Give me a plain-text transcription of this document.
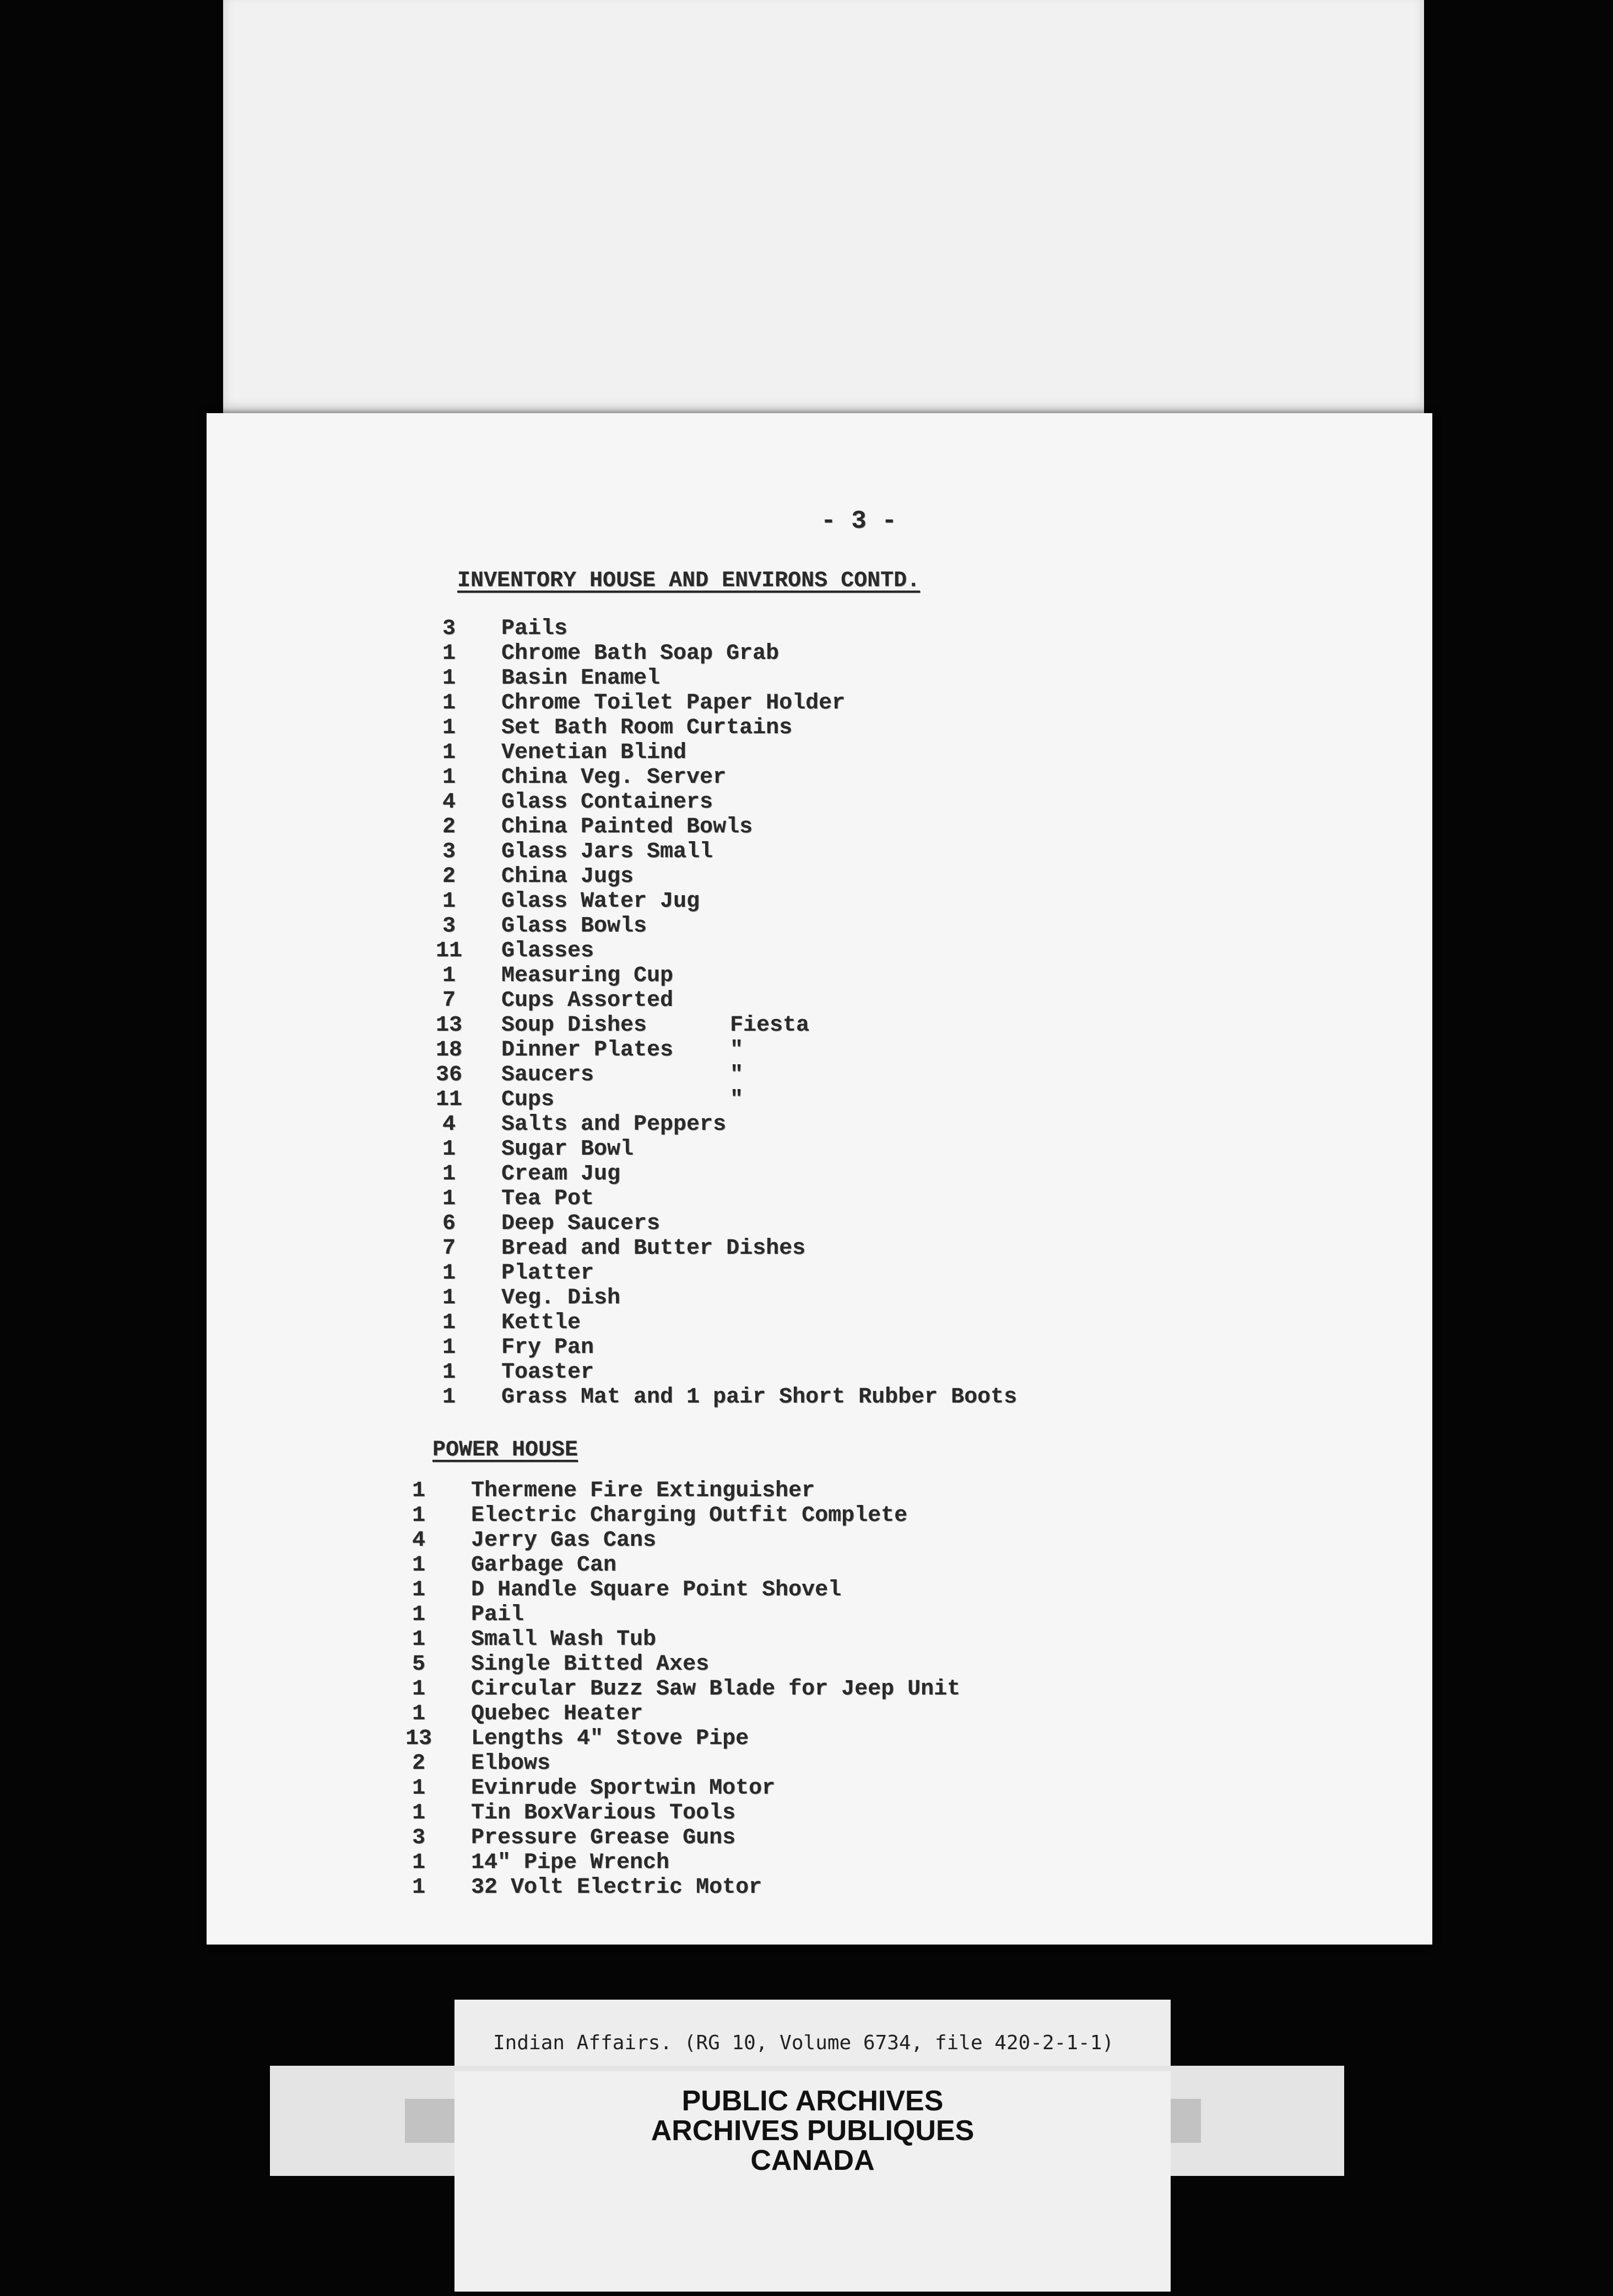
- 3 -
INVENTORY HOUSE AND ENVIRONS CONTD.
3	Pails
1	Chrome Bath Soap Grab
1	Basin Enamel
1	Chrome Toilet Paper Holder
1	Set Bath Room Curtains
1	Venetian Blind
1	China Veg. Server
4	Glass Containers
2	China Painted Bowls
3	Glass Jars Small
2	China Jugs
1	Glass Water Jug
3	Glass Bowls
11	Glasses
1	Measuring Cup
7	Cups Assorted
13	Soup Dishes	Fiesta
18	Dinner Plates	"
36	Saucers	"
11	Cups	"
4	Salts and Peppers
1	Sugar Bowl
1	Cream Jug
1	Tea Pot
6	Deep Saucers
7	Bread and Butter Dishes
1	Platter
1	Veg. Dish
1	Kettle
1	Fry Pan
1	Toaster
1	Grass Mat and 1 pair Short Rubber Boots
POWER HOUSE
1	Thermene Fire Extinguisher
1	Electric Charging Outfit Complete
4	Jerry Gas Cans
1	Garbage Can
1	D Handle Square Point Shovel
1	Pail
1	Small Wash Tub
5	Single Bitted Axes
1	Circular Buzz Saw Blade for Jeep Unit
1	Quebec Heater
13	Lengths 4" Stove Pipe
2	Elbows
1	Evinrude Sportwin Motor
1	Tin BoxVarious Tools
3	Pressure Grease Guns
1	14" Pipe Wrench
1	32 Volt Electric Motor
Indian Affairs. (RG 10, Volume 6734, file 420-2-1-1)
PUBLIC ARCHIVES
ARCHIVES PUBLIQUES
CANADA
